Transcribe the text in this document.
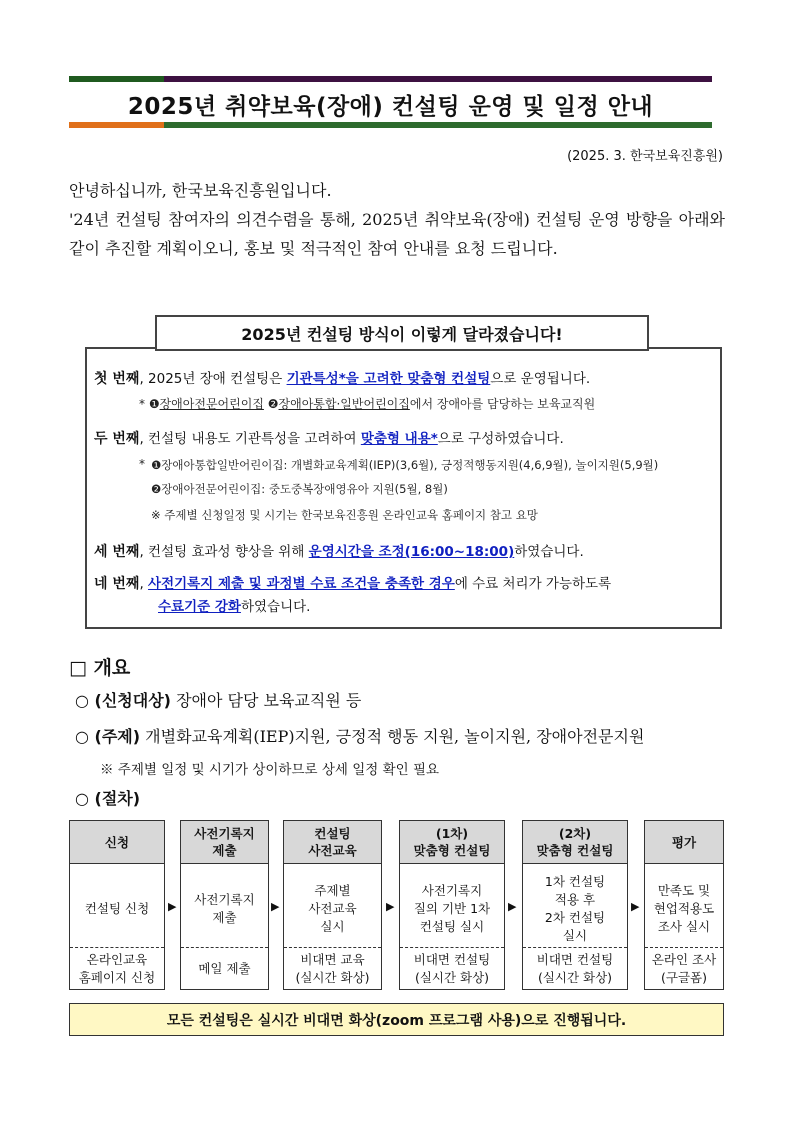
2025년 취약보육(장애) 컨설팅 운영 및 일정 안내
(2025. 3. 한국보육진흥원)

안녕하십니까, 한국보육진흥원입니다.

'24년 컨설팅 참여자의 의견수렴을 통해, 2025년 취약보육(장애) 컨설팅 운영 방향을 아래와 같이 추진할 계획이오니, 홍보 및 적극적인 참여 안내를 요청 드립니다.

2025년 컨설팅 방식이 이렇게 달라졌습니다!
첫 번째, 2025년 장애 컨설팅은 기관특성*을 고려한 맞춤형 컨설팅으로 운영됩니다.
* ❶장애아전문어린이집 ❷장애아통합·일반어린이집에서 장애아를 담당하는 보육교직원
두 번째, 컨설팅 내용도 기관특성을 고려하여 맞춤형 내용*으로 구성하였습니다.
* ❶장애아통합일반어린이집: 개별화교육계획(IEP)(3,6월), 긍정적행동지원(4,6,9월), 놀이지원(5,9월)
❷장애아전문어린이집: 중도중복장애영유아 지원(5월, 8월)
※ 주제별 신청일정 및 시기는 한국보육진흥원 온라인교육 홈페이지 참고 요망
세 번째, 컨설팅 효과성 향상을 위해 운영시간을 조정(16:00~18:00)하였습니다.
네 번째, 사전기록지 제출 및 과정별 수료 조건을 충족한 경우에 수료 처리가 가능하도록
수료기준 강화하였습니다.
□ 개요
○ (신청대상) 장애아 담당 보육교직원 등
○ (주제) 개별화교육계획(IEP)지원, 긍정적 행동 지원, 놀이지원, 장애아전문지원
※ 주제별 일정 및 시기가 상이하므로 상세 일정 확인 필요
○ (절차)
신청
컨설팅 신청
온라인교육
홈페이지 신청
▶
사전기록지
제출
사전기록지
제출
메일 제출
▶
컨설팅
사전교육
주제별
사전교육
실시
비대면 교육
(실시간 화상)
▶
(1차)
맞춤형 컨설팅
사전기록지
질의 기반 1차
컨설팅 실시
비대면 컨설팅
(실시간 화상)
▶
(2차)
맞춤형 컨설팅
1차 컨설팅
적용 후
2차 컨설팅
실시
비대면 컨설팅
(실시간 화상)
▶
평가
만족도 및
현업적용도
조사 실시
온라인 조사
(구글폼)
모든 컨설팅은 실시간 비대면 화상(zoom 프로그램 사용)으로 진행됩니다.
